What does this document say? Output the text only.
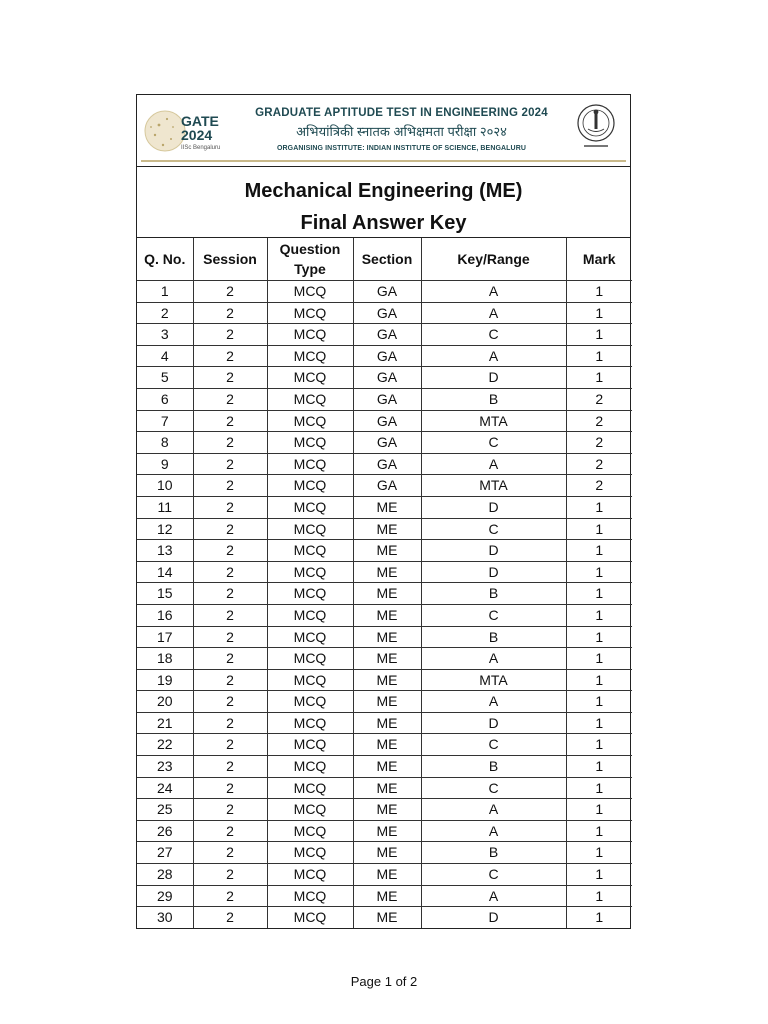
GATE
2024
IISc Bengaluru
GRADUATE APTITUDE TEST IN ENGINEERING 2024
अभियांत्रिकी स्नातक अभिक्षमता परीक्षा २०२४
ORGANISING INSTITUTE: INDIAN INSTITUTE OF SCIENCE, BENGALURU
Mechanical Engineering (ME)
Final Answer Key
Q. No.	Session	Question Type	Section	Key/Range	Mark
1	2	MCQ	GA	A	1
2	2	MCQ	GA	A	1
3	2	MCQ	GA	C	1
4	2	MCQ	GA	A	1
5	2	MCQ	GA	D	1
6	2	MCQ	GA	B	2
7	2	MCQ	GA	MTA	2
8	2	MCQ	GA	C	2
9	2	MCQ	GA	A	2
10	2	MCQ	GA	MTA	2
11	2	MCQ	ME	D	1
12	2	MCQ	ME	C	1
13	2	MCQ	ME	D	1
14	2	MCQ	ME	D	1
15	2	MCQ	ME	B	1
16	2	MCQ	ME	C	1
17	2	MCQ	ME	B	1
18	2	MCQ	ME	A	1
19	2	MCQ	ME	MTA	1
20	2	MCQ	ME	A	1
21	2	MCQ	ME	D	1
22	2	MCQ	ME	C	1
23	2	MCQ	ME	B	1
24	2	MCQ	ME	C	1
25	2	MCQ	ME	A	1
26	2	MCQ	ME	A	1
27	2	MCQ	ME	B	1
28	2	MCQ	ME	C	1
29	2	MCQ	ME	A	1
30	2	MCQ	ME	D	1
Page 1 of 2
